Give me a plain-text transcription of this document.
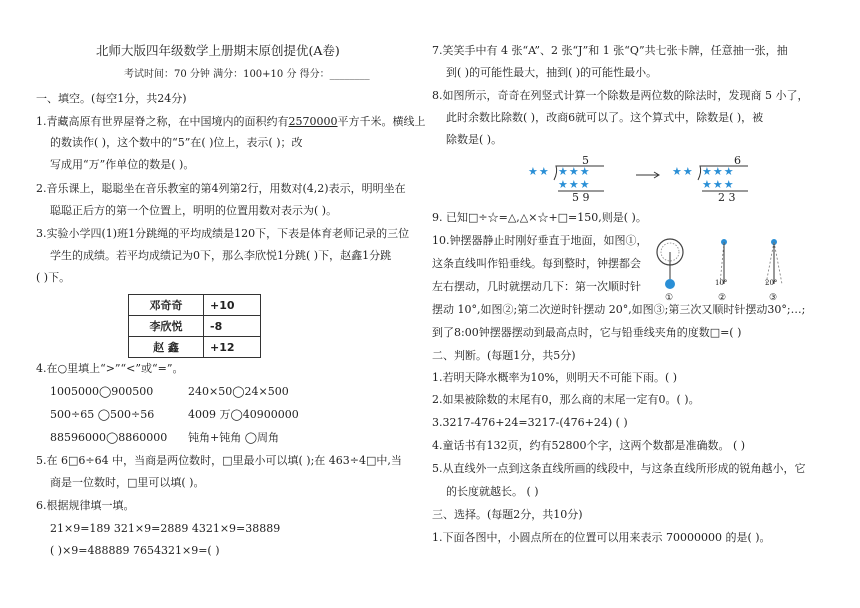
北师大版四年级数学上册期末原创提优(A卷)
考试时间：70 分钟 满分：100+10 分 得分：________
一、填空。(每空1分，共24分)
1.青藏高原有世界屋脊之称，在中国境内的面积约有2570000平方千米。横线上
的数读作( )，这个数中的“5”在( )位上，表示( )；改
写成用“万”作单位的数是( )。
2.音乐课上，聪聪坐在音乐教室的第4列第2行，用数对(4,2)表示，明明坐在
聪聪正后方的第一个位置上，明明的位置用数对表示为( )。
3.实验小学四(1)班1分跳绳的平均成绩是120下，下表是体育老师记录的三位
学生的成绩。若平均成绩记为0下，那么李欣悦1分跳( )下，赵鑫1分跳
( )下。
邓奇奇	+10
李欣悦	-8
赵 鑫	+12
4.在○里填上“>”“<”或“=”。
1005000◯900500	240×50◯24×500
500÷65 ◯500÷56	4009 万◯40900000
88596000◯8860000 钝角+钝角 ◯周角
5.在 6□6÷64 中，当商是两位数时，□里最小可以填( );在 463÷4□中,当
商是一位数时，□里可以填( )。
6.根据规律填一填。
21×9=189 321×9=2889 4321×9=38889
( )×9=488889 7654321×9=( )
7.笑笑手中有 4 张“A”、2 张“J”和 1 张“Q”共七张卡牌，任意抽一张，抽
到( )的可能性最大，抽到( )的可能性最小。
8.如图所示，奇奇在列竖式计算一个除数是两位数的除法时，发现商 5 小了，
此时余数比除数( )，改商6就可以了。这个算式中，除数是( )，被
除数是( )。
★★ ★★★
★★★
5
5 9
★★ ★★★
★★★
6
2 3
9. 已知□÷☆=△,△×☆+□=150,则是( )。
10.钟摆器静止时刚好垂直于地面，如图①，
这条直线叫作铅垂线。每到整时，钟摆都会
左右摆动，几时就摆动几下：第一次顺时针
摆动 10°,如图②;第二次逆时针摆动 20°,如图③;第三次又顺时针摆动30°;…;
到了8:00钟摆器摆动到最高点时，它与铅垂线夹角的度数□=( )
10°	20°
①	②	③
二、判断。(每题1分，共5分)
1.若明天降水概率为10%，则明天不可能下雨。( )
2.如果被除数的末尾有0，那么商的末尾一定有0。( )。
3.3217-476+24=3217-(476+24) ( )
4.童话书有132页，约有52800个字，这两个数都是准确数。 ( )
5.从直线外一点到这条直线所画的线段中，与这条直线所形成的锐角越小，它
的长度就越长。 ( )
三、选择。(每题2分，共10分)
1.下面各图中，小圆点所在的位置可以用来表示 70000000 的是( )。
